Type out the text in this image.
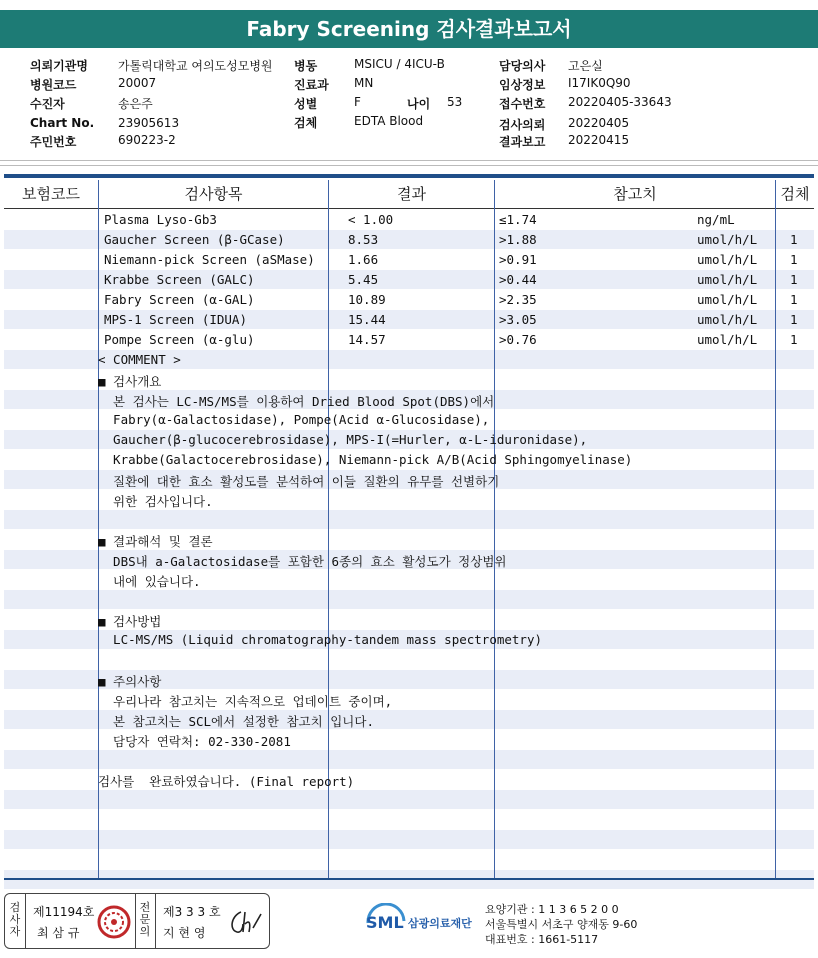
Fabry Screening 검사결과보고서
의뢰기관명	가톨릭대학교 여의도성모병원
병원코드	20007
수진자	송은주
Chart No. 23905613
주민번호	690223-2
병동	MSICU / 4ICU-B
진료과 MN
성별	F	나이 53
검체	EDTA Blood
담당의사 고은실
임상정보 I17IK0Q90
접수번호 20220405-33643
검사의뢰 20220405
결과보고 20220415
보험코드	검사항목	결과	참고치	검체
Plasma Lyso-Gb3	< 1.00	≤1.74	ng/mL
Gaucher Screen (β-GCase)	8.53	>1.88	umol/h/L	1
Niemann-pick Screen (aSMase)	1.66	>0.91	umol/h/L	1
Krabbe Screen (GALC)	5.45	>0.44	umol/h/L	1
Fabry Screen (α-GAL)	10.89	>2.35	umol/h/L	1
MPS-1 Screen (IDUA)	15.44	>3.05	umol/h/L	1
Pompe Screen (α-glu)	14.57	>0.76	umol/h/L	1
< COMMENT >
■ 검사개요
본 검사는 LC-MS/MS를 이용하여 Dried Blood Spot(DBS)에서
Fabry(α-Galactosidase), Pompe(Acid α-Glucosidase),
Gaucher(β-glucocerebrosidase), MPS-I(=Hurler, α-L-iduronidase),
Krabbe(Galactocerebrosidase), Niemann-pick A/B(Acid Sphingomyelinase)
질환에 대한 효소 활성도를 분석하여 이들 질환의 유무를 선별하기
위한 검사입니다.
■ 결과해석 및 결론
DBS내 a-Galactosidase를 포함한 6종의 효소 활성도가 정상범위
내에 있습니다.
■ 검사방법
LC-MS/MS (Liquid chromatography-tandem mass spectrometry)
■ 주의사항
우리나라 참고치는 지속적으로 업데이트 중이며,
본 참고치는 SCL에서 설정한 참고치 입니다.
담당자 연락처: 02-330-2081
검사를  완료하였습니다. (Final report)
검사자
제11194호
최 삼 규
전문의
제3 3 3 호
지 현 영
SML 삼광의료재단
요양기관 : 1 1 3 6 5 2 0 0
서울특별시 서초구 양재동 9-60
대표번호 : 1661-5117
